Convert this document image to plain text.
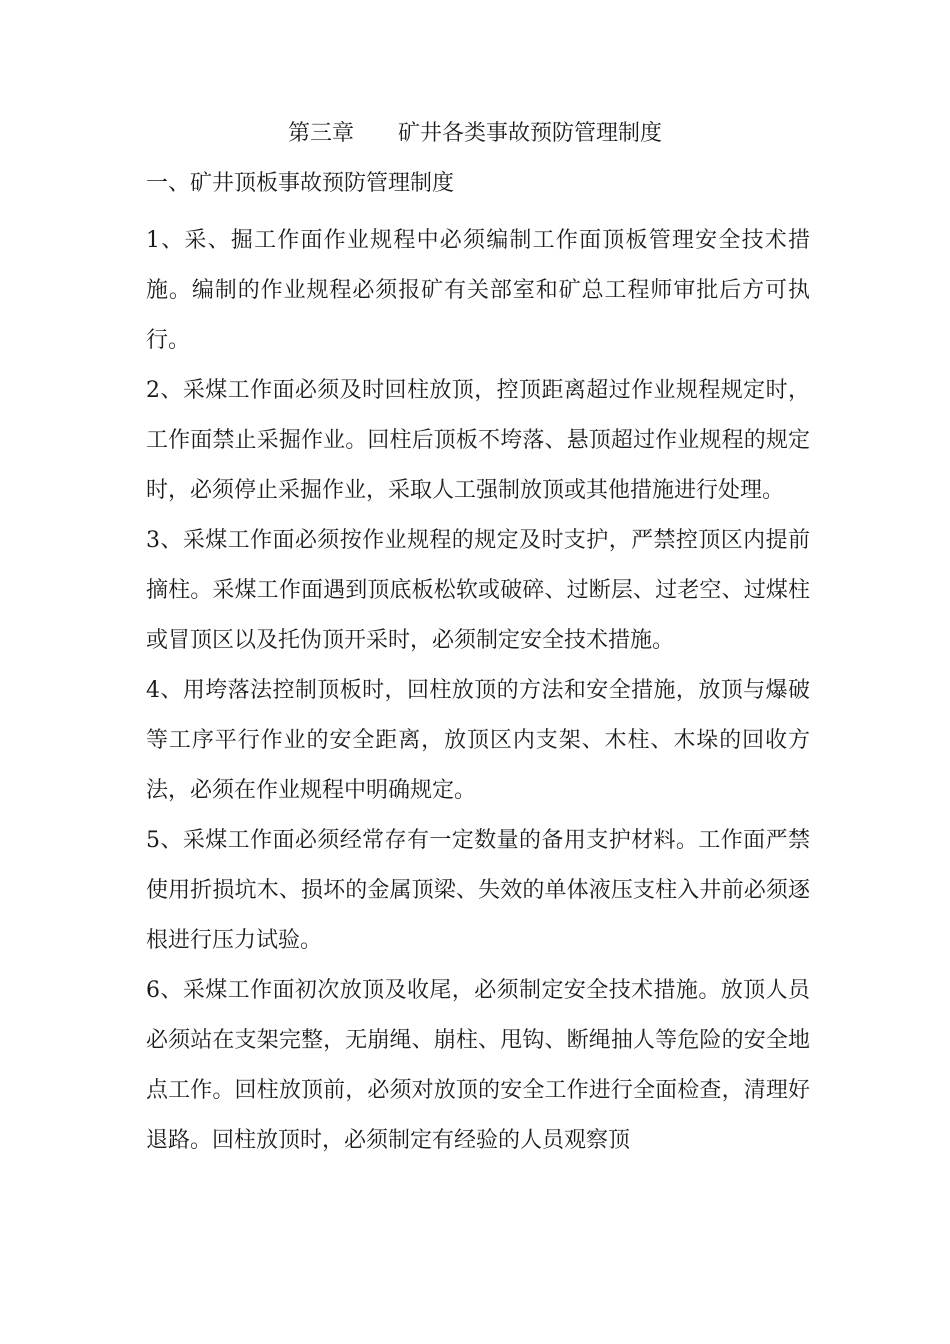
第三章　　矿井各类事故预防管理制度
一、矿井顶板事故预防管理制度

1、采、掘工作面作业规程中必须编制工作面顶板管理安全技术措施。编制的作业规程必须报矿有关部室和矿总工程师审批后方可执行。

2、采煤工作面必须及时回柱放顶，控顶距离超过作业规程规定时，工作面禁止采掘作业。回柱后顶板不垮落、悬顶超过作业规程的规定时，必须停止采掘作业，采取人工强制放顶或其他措施进行处理。

3、采煤工作面必须按作业规程的规定及时支护，严禁控顶区内提前摘柱。采煤工作面遇到顶底板松软或破碎、过断层、过老空、过煤柱或冒顶区以及托伪顶开采时，必须制定安全技术措施。

4、用垮落法控制顶板时，回柱放顶的方法和安全措施，放顶与爆破等工序平行作业的安全距离，放顶区内支架、木柱、木垛的回收方法，必须在作业规程中明确规定。

5、采煤工作面必须经常存有一定数量的备用支护材料。工作面严禁使用折损坑木、损坏的金属顶梁、失效的单体液压支柱入井前必须逐根进行压力试验。

6、采煤工作面初次放顶及收尾，必须制定安全技术措施。放顶人员必须站在支架完整，无崩绳、崩柱、甩钩、断绳抽人等危险的安全地点工作。回柱放顶前，必须对放顶的安全工作进行全面检查，清理好退路。回柱放顶时，必须制定有经验的人员观察顶
